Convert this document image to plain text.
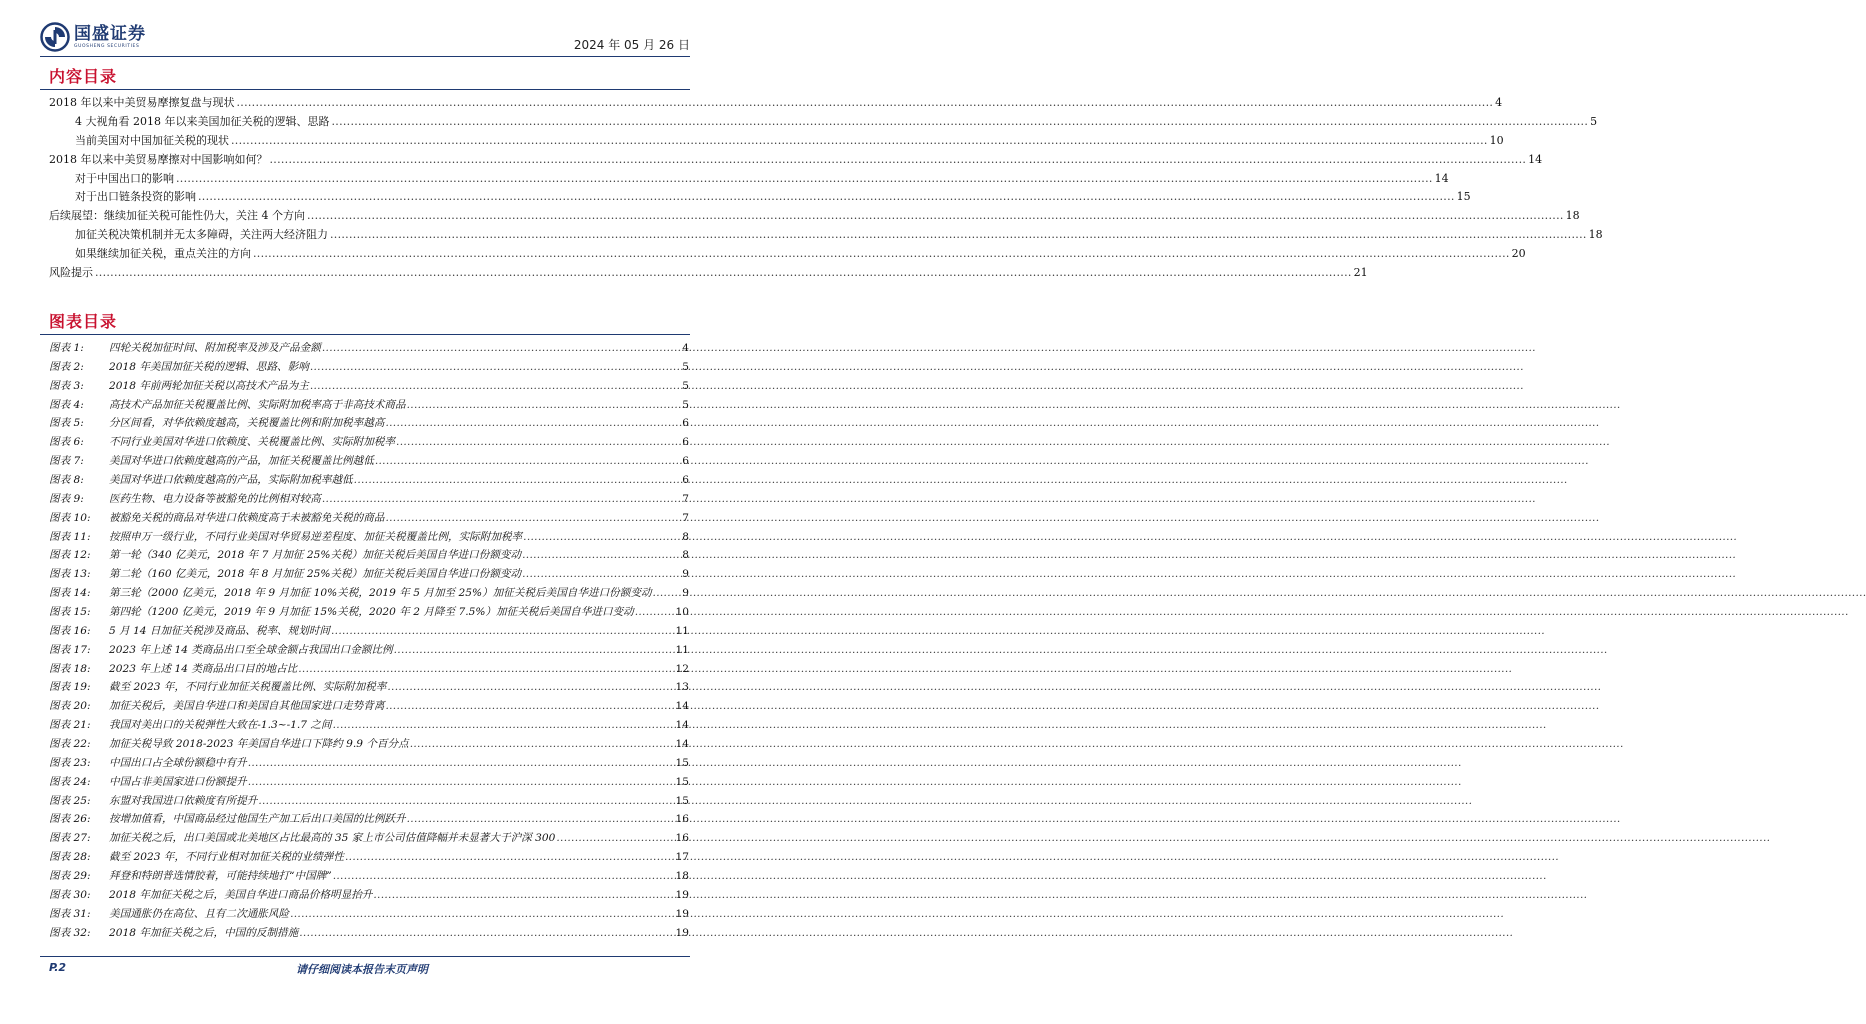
国盛证券
GUOSHENG SECURITIES	2024 年 05 月 26 日
内容目录
2018 年以来中美贸易摩擦复盘与现状 .....	4
4 大视角看 2018 年以来美国加征关税的逻辑、思路 .....	5
当前美国对中国加征关税的现状 .....	10
2018 年以来中美贸易摩擦对中国影响如何？ .....	14
对于中国出口的影响 .....	14
对于出口链条投资的影响 .....	15
后续展望：继续加征关税可能性仍大，关注 4 个方向 .....	18
加征关税决策机制并无太多障碍，关注两大经济阻力 .....	18
如果继续加征关税，重点关注的方向 .....	20
风险提示 .....	21
图表目录
图表 1:	四轮关税加征时间、附加税率及涉及产品金额 .....	4
图表 2:	2018 年美国加征关税的逻辑、思路、影响 .....	5
图表 3:	2018 年前两轮加征关税以高技术产品为主 .....	5
图表 4:	高技术产品加征关税覆盖比例、实际附加税率高于非高技术商品 .....	5
图表 5:	分区间看，对华依赖度越高，关税覆盖比例和附加税率越高 .....	6
图表 6:	不同行业美国对华进口依赖度、关税覆盖比例、实际附加税率 .....	6
图表 7:	美国对华进口依赖度越高的产品，加征关税覆盖比例越低 .....	6
图表 8:	美国对华进口依赖度越高的产品，实际附加税率越低 .....	6
图表 9:	医药生物、电力设备等被豁免的比例相对较高 .....	7
图表 10:	被豁免关税的商品对华进口依赖度高于未被豁免关税的商品 .....	7
图表 11:	按照申万一级行业，不同行业美国对华贸易逆差程度、加征关税覆盖比例，实际附加税率 .....	8
图表 12:	第一轮（340 亿美元，2018 年 7 月加征 25%关税）加征关税后美国自华进口份额变动 .....	8
图表 13:	第二轮（160 亿美元，2018 年 8 月加征 25%关税）加征关税后美国自华进口份额变动 .....	9
图表 14:	第三轮（2000 亿美元，2018 年 9 月加征 10%关税，2019 年 5 月加至 25%）加征关税后美国自华进口份额变动 .....	9
图表 15:	第四轮（1200 亿美元，2019 年 9 月加征 15%关税，2020 年 2 月降至 7.5%）加征关税后美国自华进口变动 .....	10
图表 16:	5 月 14 日加征关税涉及商品、税率、规划时间 .....	11
图表 17:	2023 年上述 14 类商品出口至全球金额占我国出口金额比例 .....	11
图表 18:	2023 年上述 14 类商品出口目的地占比 .....	12
图表 19:	截至 2023 年，不同行业加征关税覆盖比例、实际附加税率 .....	13
图表 20:	加征关税后，美国自华进口和美国自其他国家进口走势背离 .....	14
图表 21:	我国对美出口的关税弹性大致在-1.3~-1.7 之间 .....	14
图表 22:	加征关税导致 2018-2023 年美国自华进口下降约 9.9 个百分点 .....	14
图表 23:	中国出口占全球份额稳中有升 .....	15
图表 24:	中国占非美国家进口份额提升 .....	15
图表 25:	东盟对我国进口依赖度有所提升 .....	15
图表 26:	按增加值看，中国商品经过他国生产加工后出口美国的比例跃升 .....	16
图表 27:	加征关税之后，出口美国或北美地区占比最高的 35 家上市公司估值降幅并未显著大于沪深 300 .....	16
图表 28:	截至 2023 年，不同行业相对加征关税的业绩弹性 .....	17
图表 29:	拜登和特朗普选情胶着，可能持续地打“中国牌” .....	18
图表 30:	2018 年加征关税之后，美国自华进口商品价格明显抬升 .....	19
图表 31:	美国通胀仍在高位、且有二次通胀风险 .....	19
图表 32:	2018 年加征关税之后，中国的反制措施 .....	19
P.2	请仔细阅读本报告末页声明
